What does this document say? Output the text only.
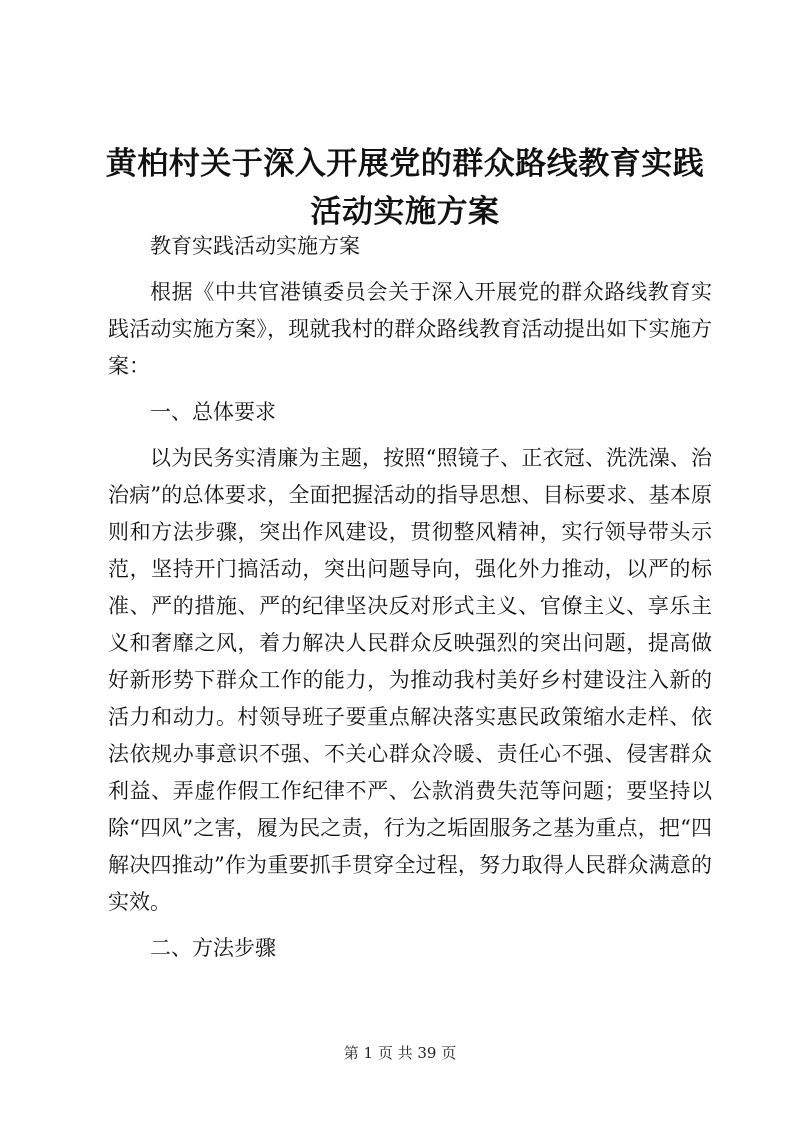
黄柏村关于深入开展党的群众路线教育实践活动实施方案

教育实践活动实施方案

根据《中共官港镇委员会关于深入开展党的群众路线教育实践活动实施方案》，现就我村的群众路线教育活动提出如下实施方案：

一、总体要求

以为民务实清廉为主题，按照“照镜子、正衣冠、洗洗澡、治治病”的总体要求，全面把握活动的指导思想、目标要求、基本原则和方法步骤，突出作风建设，贯彻整风精神，实行领导带头示范，坚持开门搞活动，突出问题导向，强化外力推动，以严的标准、严的措施、严的纪律坚决反对形式主义、官僚主义、享乐主义和奢靡之风，着力解决人民群众反映强烈的突出问题，提高做好新形势下群众工作的能力，为推动我村美好乡村建设注入新的活力和动力。村领导班子要重点解决落实惠民政策缩水走样、依法依规办事意识不强、不关心群众冷暖、责任心不强、侵害群众利益、弄虚作假工作纪律不严、公款消费失范等问题；要坚持以除“四风”之害，履为民之责，行为之垢固服务之基为重点，把“四解决四推动”作为重要抓手贯穿全过程，努力取得人民群众满意的实效。

二、方法步骤

第 1 页 共 39 页
